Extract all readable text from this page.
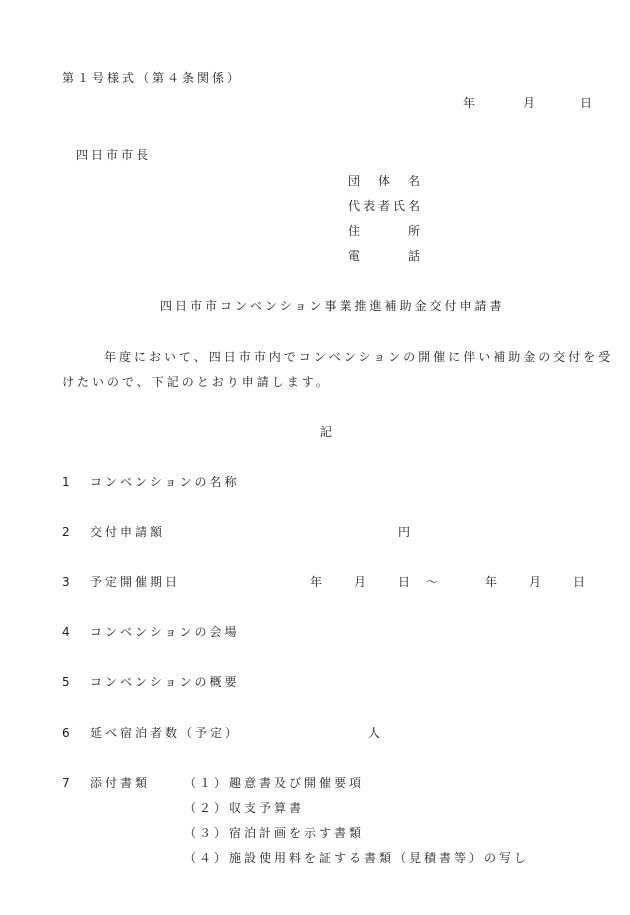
第１号様式（第４条関係）
年	月	日
四日市市長
団　体　名
代表者氏名
住　　　所
電　　　話
四日市市コンベンション事業推進補助金交付申請書
年度において、四日市市内でコンベンションの開催に伴い補助金の交付を受
けたいので、下記のとおり申請します。
記
1 コンベンションの名称
2 交付申請額	円
3 予定開催期日	年 月 日 ～	年 月 日
4 コンベンションの会場
5 コンベンションの概要
6 延べ宿泊者数（予定）	人
7 添付書類	（１）趣意書及び開催要項
（２）収支予算書
（３）宿泊計画を示す書類
（４）施設使用料を証する書類（見積書等）の写し
